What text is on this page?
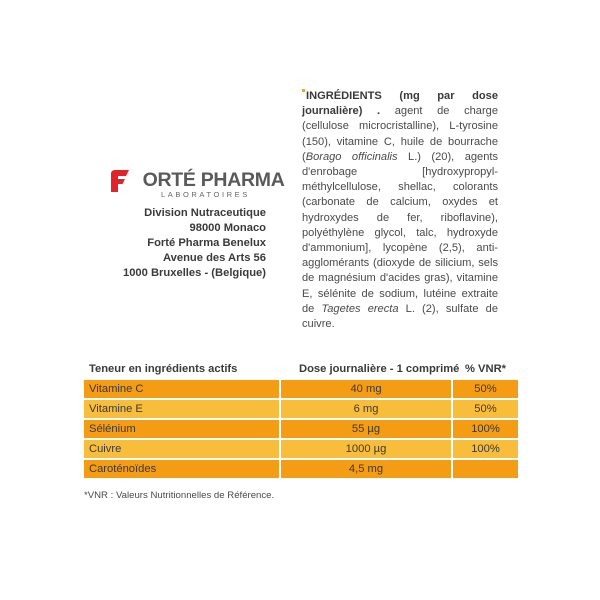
ORTÉ PHARMA
LABORATOIRES
Division Nutraceutique
98000 Monaco
Forté Pharma Benelux
Avenue des Arts 56
1000 Bruxelles - (Belgique)
INGRÉDIENTS (mg par dose journalière) . agent de charge (cellulose microcristalline), L-tyrosine (150), vitamine C, huile de bourrache (Borago officinalis L.) (20), agents d'enrobage [hydroxypropyl-méthylcellulose, shellac, colorants (carbonate de calcium, oxydes et hydroxydes de fer, riboflavine), polyéthylène glycol, talc, hydroxyde d'ammonium], lycopène (2,5), anti-agglomérants (dioxyde de silicium, sels de magnésium d'acides gras), vitamine E, sélénite de sodium, lutéine extraite de Tagetes erecta L. (2), sulfate de cuivre.
Teneur en ingrédients actifs	Dose journalière - 1 comprimé % VNR*
Vitamine C	40 mg	50%
Vitamine E	6 mg	50%
Sélénium	55 µg	100%
Cuivre	1000 µg	100%
Caroténoïdes	4,5 mg
*VNR : Valeurs Nutritionnelles de Référence.
